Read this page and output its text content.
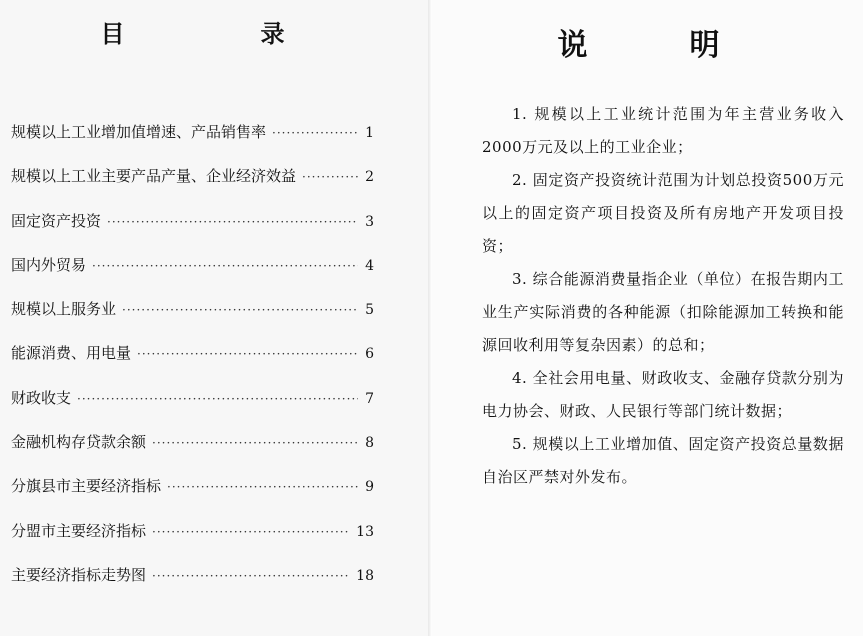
目　录
规模以上工业增加值增速、产品销售率 ·····	1
规模以上工业主要产品产量、企业经济效益 ·····	2
固定资产投资 ·····	3
国内外贸易 ·····	4
规模以上服务业 ·····	5
能源消费、用电量 ·····	6
财政收支 ·····	7
金融机构存贷款余额 ·····	8
分旗县市主要经济指标 ·····	9
分盟市主要经济指标 ·····	13
主要经济指标走势图 ·····	18
说　明

1. 规模以上工业统计范围为年主营业务收入2000万元及以上的工业企业；

2. 固定资产投资统计范围为计划总投资500万元以上的固定资产项目投资及所有房地产开发项目投资；

3. 综合能源消费量指企业（单位）在报告期内工业生产实际消费的各种能源（扣除能源加工转换和能源回收利用等复杂因素）的总和；

4. 全社会用电量、财政收支、金融存贷款分别为电力协会、财政、人民银行等部门统计数据；

5. 规模以上工业增加值、固定资产投资总量数据自治区严禁对外发布。
